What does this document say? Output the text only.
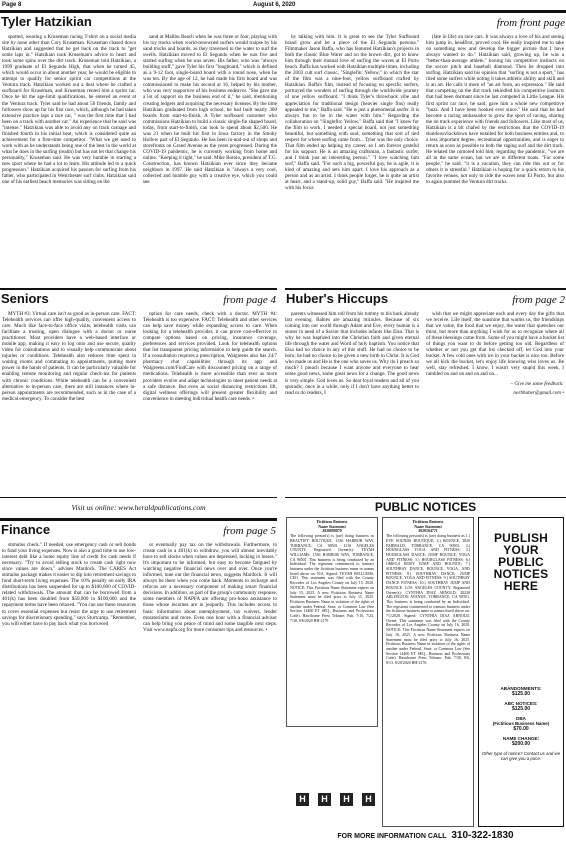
Page 8	August 6, 2020
Tyler Hatzikian	from front page

spotted, wearing a Kruseman racing T-shirt on a social media site by none other than Cory Kruseman. Kruseman chased down Hatzikian and suggested that he get back on the track to "get some laps in." Hatzikian took Kruseman's advice to heart and took some spins over the dirt track. Kruseman told Hatzikian, a 1999 graduate of El Segundo High, that when he turned 45, which would occur in about another year, he would be eligible to attempt to qualify for senior sprint car competitions at the Ventura track. Hatzikian worked out a deal where he crafted a surfboard for Kruseman, and Kruseman rented him a sprint car. Once he hit the age-limit qualifications, he entered an event at the Ventura track. Tyler said he had about 50 friends, family and followers show up for his first race, which, although he had taken extensive practice laps a race car, " was the first time that I had been on a track with another car." An experience that he said was "intense." Hatzikian was able to avoid any on track carnage and finished fourth in his initial heat, which is considered quite an achievement for a first-time competitor. "What we get used to work with as he understands being one of the best in the world at what he does in the surfing (realm) but has not let that change his personality," Kruseman said. He was very humble in starting a new sport where he had a lot to learn. His attitude led to a quick progression." Hatzikian acquired his passion for surfing from his father, who participated in Westchester surf clubs. Hatzikian said one of his earliest beach memories was sitting on the

sand at Malibu Beach when he was three or four, playing with his toy trucks when world-renowned surfers would traipse by his sand trucks and boards, as they traversed to the water to surf the swells. Hatzikian moved to El Segundo when he was five and started surfing when he was seven. His father, who was "always building stuff," gave Tyler his first "longboard," which is defined as a 9-12 foot, single-board board with a round nose, when he was ten. By the age of 12, he had made his first board and was commissioned to make his second at 16, helped by his mother, who was very supportive of his business endeavor. "She gave me a lot of support on the business end of it," he said, mentioning creating ledgers and acquiring the necessary licenses. By the time Hatzikian graduated from high school, he had built nearly 300 boards from start-to-finish. A Tyler surfboard customer who commissions Hatzikian to build a classic single-fin shaped board, today, from start-to-finish, can look to spend about $2,500. He was 21 when he built his first in Iowa factory in the Smoky Hollow part of El Segundo. He has been in-and-out of shops and storefronts on Grand Avenue as the years progressed. During the COVID-19 pandemic, he is currently working from home and online. "Keeping it tight," he said. Mike Rotolo, president of T.G. Construction, has known Hatzikian ever since they became neighbors in 1997. He said Hatzikian is "always a very cool, collected and humble guy with a creative eye, which you could see

by talking with him. It is great to see the Tyler Surfboard brand grow and be a piece of the El Segundo persona." Filmmaker Jason Baffa, who has featured Hatzikian's projects in both the classic Blue Water and on the brown dirt, got to know him through their mutual love of surfing the waves at El Porto beach. Baffa has worked with Hatzikian multiple times, including the 2003 cult surf classic, "Singlefin: Yellow," in which the star of the film was a nine-foot, yellow surfboard crafted by Hatzikian. Baffa's film, instead of focusing on specific surfers, portrayed the wonders of surfing through the worldwide journey of one yellow surfboard. "I think Tyler's throwback vibe and appreciation for traditional design (heavier single fins) really appealed to me," Baffa said. "He is just a phenomenal surfer. It is always fun to be in the water with him." Regarding the collaboration on "Singlefin: Yellow," Baffa said that "I knew for the film to work, I needed a special board, not just something beautiful, but something with soul, something that sort of tied respect for where surfing came from... Tyler was the only choice. That film ended up helping my career, so I am forever grateful for his support. He is an amazing craftsman, a fantastic surfer, and I think just an interesting person." "I love watching him surf," Baffa said. "For such a big, powerful guy, he is agile, it is kind of amazing and sets him apart. I love his approach as a person and as an artist. I think people forget, he is quite an artist at heart, and a stand-up, solid guy," Baffa said. "He inspired me with his focus

(late in life) on race cars. It was always a love of his and seeing him jump in, headfirst, proved cool. He really inspired me to take on something new and develop the bigger picture that I have always wanted to do." Hatzikian said, growing up, he was a "better-than-average athlete," honing his competitive instincts on the soccer pitch and baseball diamond. Then he dropped into surfing. Hatzikian said his opinion that "surfing is not a sport," has riled some surfers while noting it takes athletic ability and skill and is an art. He calls it more of "an art form, an expression." He said that competing on the dirt track rekindled his competitive instincts that had been dormant since he last competed in Little League. His first sprint car race, he said, gave him a whole new competitive "buzz. And I have been hooked ever since." He said that he had become a racing ambassador to grow the sport of racing, sharing the on track experience with friends and followers. Like most of us, Hatzikian is a bit chafed by the restrictions that the COVID-19 shutdown/lockdown have entailed for both business entities and, to a less important degree, recreational opportunities, and is eager to return as soon as possible to both the raging surf and the dirt track. He related the rumored told him, regarding the pandemic, "we are all in the same ocean, but we are in different boats. "For some people," he said, "it is a vacation, they can ride this out or for others it is stressful." Hatzikian is hoping for a quick return to his favorite venues, not only to ride the waves near El Porto, but also to again pummel the Ventura dirt tracks.

Seniors	from page 4

MYTH #3: Virtual care isn't as good as in-person care. FACT: Telehealth services can offer high-quality, convenient access to care. Much like face-to-face office visits, telehealth visits can facilitate a trusting, open dialogue with a doctor or nurse practitioner. Most providers have a web-based interface or mobile app, making it easy to log onto and use secure, quality video for consultations and to visually help communicate about injuries or conditions. Telehealth also reduces time spent in waiting rooms and commuting to appointments, putting more power in the hands of patients. It can be particularly valuable for enabling remote monitoring and regular check-ins for patients with chronic conditions. While telehealth can be a convenient alternative to in-person care, there are still instances where in-person appointments are recommended, such as in the case of a medical emergency. To consider the best

option for care needs, check with a doctor. MYTH #4: Telehealth is too expensive. FACT: Telehealth and other services can help save money while expanding access to care. When looking for a telehealth provider, it can prove cost-effective to compare options based on pricing, insurance coverage, preferences and services provided. Look for telehealth options that list transparent pricing information to help guide the search. If a consultation requires a prescription, Walgreens also has 24/7 pharmacy chat capabilities through its app and Walgreens.com/FindCare with discounted pricing on a range of medications. Telehealth is more accessible than ever as more providers evolve and adapt technologies to meet patient needs at a safe distance. But even as social distancing restrictions lift, digital wellness offerings will present greater flexibility and convenience in meeting individual health care needs. •

Huber's Hiccups	from page 2

parents witnessed him roll from his tummy to his back already last evening. Babies are amazing miracles. Because of six coming into our world through Adam and Eve, every human is a sinner in need of a Savior that includes infants like Elsa. That is why he was baptized into the Christian faith and given eternal life through the water and Word of holy baptism. You notice that Elsa had no choice in any of this stuff. He had no choice to be born; he had no choice to be given a new birth in Christ. It is God who made us and He is the one who saves us. Why do I preach so much? I preach because I want anyone and everyone to hear some good news, some great news for a change. The good news is very simple. God loves us. So dear loyal readers and all of you sporadic, once in a while, only if I don't have anything better to read or do readers, I

wish that we might appreciate each and every day the gifts that we receive. Life itself, the sunshine that warms us, the friendships that we value, the food that we enjoy, the water that quenches our thirst, but more than anything I wish for us to recognize where all of these blessings come from. Some of you might have a bucket list of things you want to do before getting too old. Regardless of whether or not you get that list checked off, let God into your bucket. A few cold ones with ice in your bucket is nice too. Before we all kick the bucket, let's enjoy life knowing who loves us. Be well, stay refreshed. I know, I wasn't very stupid this week, I rambled on and on and on and on...

– Give me some feedback:
norbhuber@gmail.com •
Visit us online: www.heraldpublications.com
Finance	from page 5

stimulus check." If needed, use emergency cash or sell bonds to fund your living expenses. Now is also a good time to use low-interest debt like a home equity line of credit for cash needs if necessary. "Try to avoid selling stock to create cash right now since values are down," advises Mardock. The CARES Act stimulus package makes it easier to dip into retirement savings to fund short-term living expenses. The 10% penalty on early IRA distributions has been suspended for up to $100,000 of COVID-related withdrawals. The amount that can be borrowed from a 401(k) has been doubled from $50,000 to $100,000 and the repayment terms have been relaxed. "You can use these resources to cover essential expenses but resist the urge to use retirement savings for discretionary spending," says Sturtcamp. "Remember, you will either have to pay back what you borrowed

or eventually pay tax on the withdrawals. Furthermore, to create cash in a 401(k) to withdraw, you will almost inevitably have to sell stocks when values are depressed, locking in losses." It's important to be informed, but easy to become fatigued by watching negative financial news over and over. Once you're informed, tune out the financial news, suggests Mardock. It will always be there when you come back. Moments to recharge and refocus are a necessary component of making smart financial decisions. In addition, as part of the group's community response, some members of NAPFA are offering pro-bono assistance to those whose incomes are in jeopardy. This includes access to basic information about unemployment, tax waivers, lender moratoriums and more. Even one hour with a financial advisor can help bring you peace of mind and some tangible next steps. Visit www.napfa.org for more consumer tips and resources. •

PUBLIC NOTICES
Fictitious Business
Name Statement
2020088870
The following person(s) is (are) doing business as BEAUTIFY BOUTIQUE. 1536 HARBOR WAY, TORRANCE, CA 90501. LOS ANGELES COUNTY. Registered Owner(s): TEYAH WILLIAMS, 1536 HARBOR WAY, TORRANCE, CA 90501. This business is being conducted by an Individual. The registrant commenced to transact business under the fictitious business name or names listed above on: N/A. Signed: TEYAH WILLIAMS, CEO. This statement was filed with the County Recorder of Los Angeles County on July 15, 2020. NOTICE: This Fictitious Name Statement expires on July 15, 2025. A new Fictitious Business Name Statement must be filed prior to July 15, 2025. Fictitious Business Name in violation of the rights of another under Federal, State, or Common Law (See Section 14400 ET SEQ., Business and Professions Code). Hawthorne Press Tribune: Pub. 7/16, 7/23, 7/30, 8/6/2020 HH-2179
Fictitious Business
Name Statement
2020104771
The following person(s) is (are) doing business as 1.) EVE SOUNDS BOUTIQUE, 2.) BOUNCE, 3820 EMERALD, TORRANCE, CA 90503. 2.) HOURGLASS YOGA AND FITNESS; 3.) HOURGLASS DANCE; JUMP BOUNCE, YOGA AND FITNESS; 5.) HOURGLASS FITNESS; 6.) OMEGA BODY JUMP AND BOUNCE; 7.) SOUTHBAY DANCE, BOUNCE, YOGA, AND FITNESS; 8.) SOUTHBAY DANCE; JUMP BOUNCE, YOGA AND FITNESS; 9.) SOUTHBAY DANCE FITNESS; 10.) SOUTHBAY JUMP AND BOUNCE. LOS ANGELES COUNTY. Registered Owner(s): CYNTHIA DIAZ ARNOLD, 20238 ARLINGTON AVENUE, TORRANCE, CA 90501. This business is being conducted by an Individual. The registrant commenced to transact business under the fictitious business name or names listed above on: 7/1/2020. Signed: CYNTHIA DIAZ ARNOLD, Owner. This statement was filed with the County Recorder of Los Angeles County on July 16, 2020. NOTICE: This Fictitious Name Statement expires on July 16, 2025. A new Fictitious Business Name Statement must be filed prior to July 16, 2025. Fictitious Business Name in violation of the rights of another under Federal, State, or Common Law (See Section 14400 ET SEQ., Business and Professions Code). Hawthorne Press Tribune: Pub. 7/30, 8/6, 8/13, 8/20/2020 HH-2176
H	H	H	H
PUBLISH
YOUR
PUBLIC
NOTICES
HERE
ABANDONMENTS:
$125.00
ABC NOTICES:
$125.00
DBA
(Fictitious Business Name)
$70.00
NAME CHANGE:
$200.00
Other type of notice? Contact us and we can give you a price.
FOR MORE INFORMATION CALL 310-322-1830
